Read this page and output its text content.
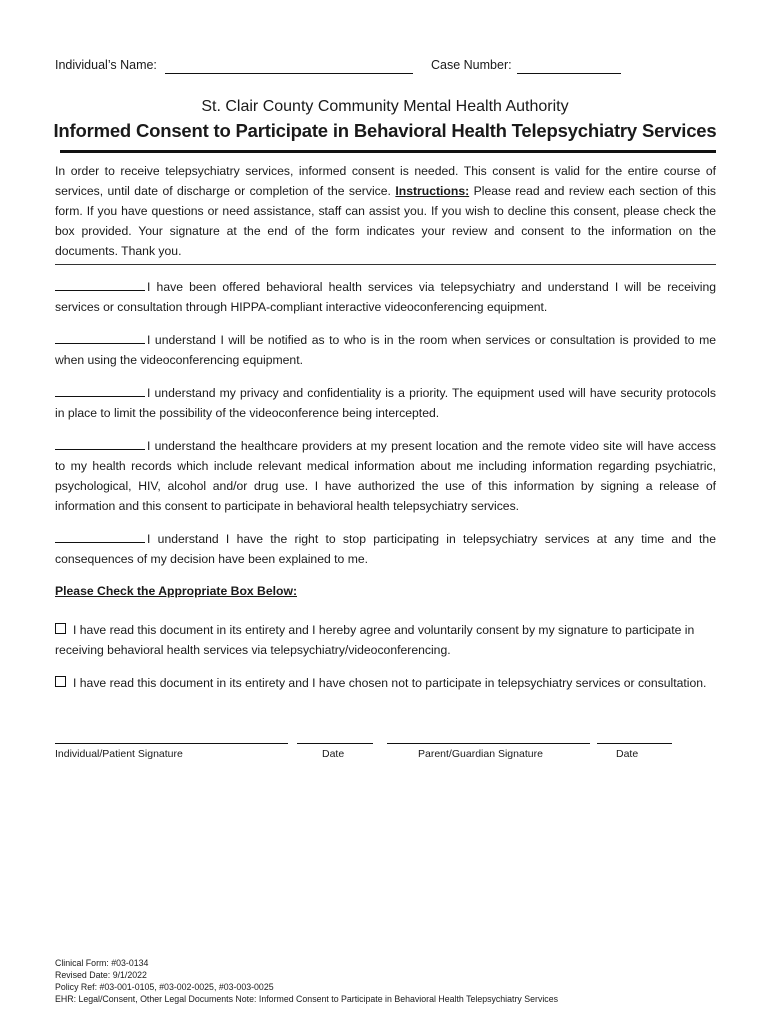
Individual’s Name:	Case Number:
St. Clair County Community Mental Health Authority
Informed Consent to Participate in Behavioral Health Telepsychiatry Services
In order to receive telepsychiatry services, informed consent is needed. This consent is valid for the entire course of services, until date of discharge or completion of the service. Instructions: Please read and review each section of this form. If you have questions or need assistance, staff can assist you. If you wish to decline this consent, please check the box provided. Your signature at the end of the form indicates your review and consent to the information on the documents. Thank you.
I have been offered behavioral health services via telepsychiatry and understand I will be receiving services or consultation through HIPPA-compliant interactive videoconferencing equipment.
I understand I will be notified as to who is in the room when services or consultation is provided to me when using the videoconferencing equipment.
I understand my privacy and confidentiality is a priority. The equipment used will have security protocols in place to limit the possibility of the videoconference being intercepted.
I understand the healthcare providers at my present location and the remote video site will have access to my health records which include relevant medical information about me including information regarding psychiatric, psychological, HIV, alcohol and/or drug use. I have authorized the use of this information by signing a release of information and this consent to participate in behavioral health telepsychiatry services.
I understand I have the right to stop participating in telepsychiatry services at any time and the consequences of my decision have been explained to me.
Please Check the Appropriate Box Below:
I have read this document in its entirety and I hereby agree and voluntarily consent by my signature to participate in receiving behavioral health services via telepsychiatry/videoconferencing.
I have read this document in its entirety and I have chosen not to participate in telepsychiatry services or consultation.
Individual/Patient Signature	Date	Parent/Guardian Signature	Date
Clinical Form: #03-0134
Revised Date: 9/1/2022
Policy Ref: #03-001-0105, #03-002-0025, #03-003-0025
EHR: Legal/Consent, Other Legal Documents Note: Informed Consent to Participate in Behavioral Health Telepsychiatry Services
